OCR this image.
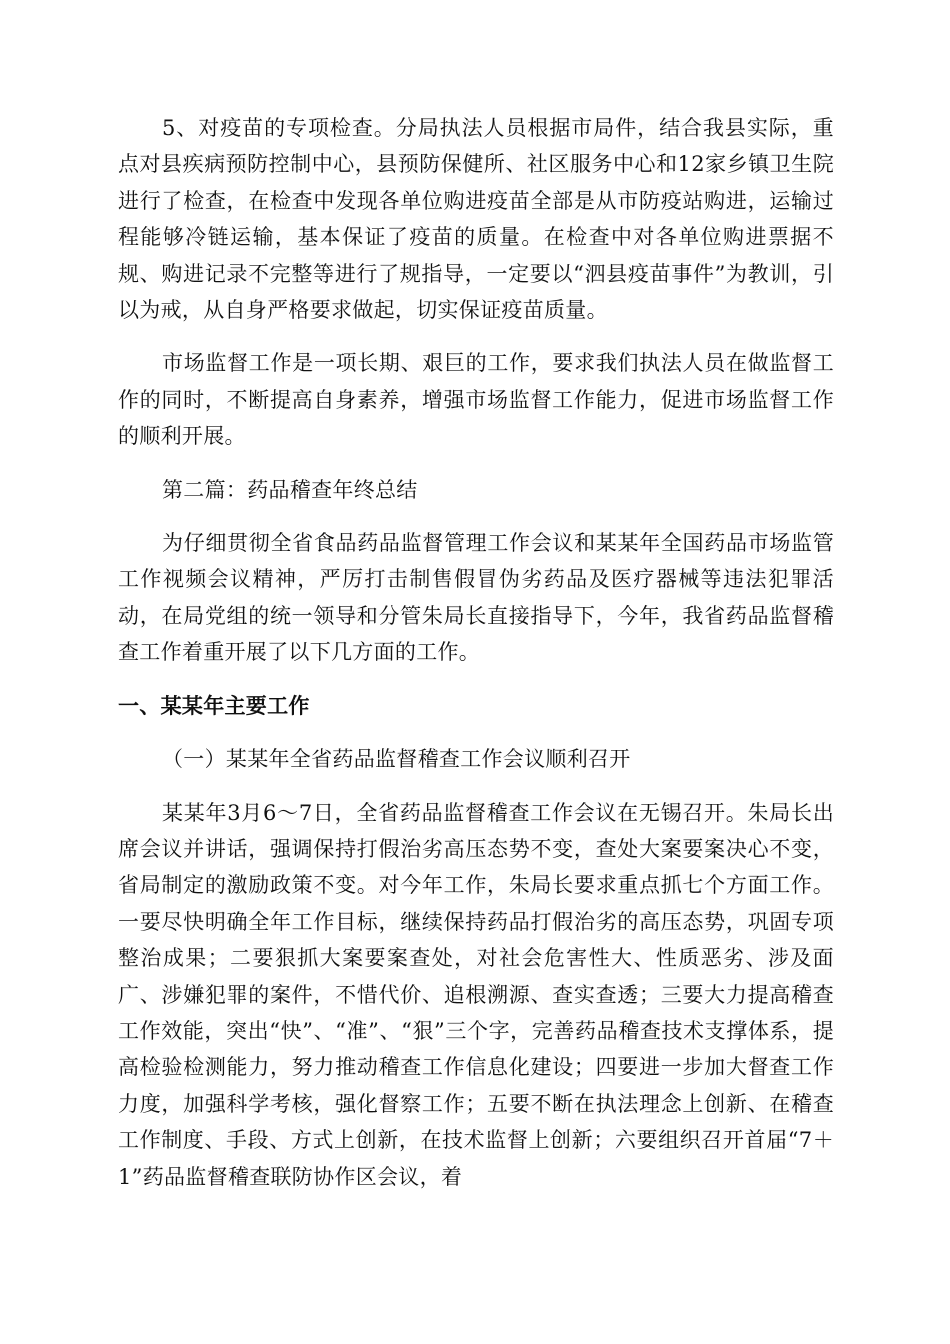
5、对疫苗的专项检查。分局执法人员根据市局件，结合我县实际，重点对县疾病预防控制中心，县预防保健所、社区服务中心和12家乡镇卫生院进行了检查，在检查中发现各单位购进疫苗全部是从市防疫站购进，运输过程能够冷链运输，基本保证了疫苗的质量。在检查中对各单位购进票据不规、购进记录不完整等进行了规指导，一定要以“泗县疫苗事件”为教训，引以为戒，从自身严格要求做起，切实保证疫苗质量。

市场监督工作是一项长期、艰巨的工作，要求我们执法人员在做监督工作的同时，不断提高自身素养，增强市场监督工作能力，促进市场监督工作的顺利开展。

第二篇：药品稽查年终总结

为仔细贯彻全省食品药品监督管理工作会议和某某年全国药品市场监管工作视频会议精神，严厉打击制售假冒伪劣药品及医疗器械等违法犯罪活动，在局党组的统一领导和分管朱局长直接指导下，今年，我省药品监督稽查工作着重开展了以下几方面的工作。

一、某某年主要工作

（一）某某年全省药品监督稽查工作会议顺利召开

某某年3月6～7日，全省药品监督稽查工作会议在无锡召开。朱局长出席会议并讲话，强调保持打假治劣高压态势不变，查处大案要案决心不变，省局制定的激励政策不变。对今年工作，朱局长要求重点抓七个方面工作。一要尽快明确全年工作目标，继续保持药品打假治劣的高压态势，巩固专项整治成果；二要狠抓大案要案查处，对社会危害性大、性质恶劣、涉及面广、涉嫌犯罪的案件，不惜代价、追根溯源、查实查透；三要大力提高稽查工作效能，突出“快”、“准”、“狠”三个字，完善药品稽查技术支撑体系，提高检验检测能力，努力推动稽查工作信息化建设；四要进一步加大督查工作力度，加强科学考核，强化督察工作；五要不断在执法理念上创新、在稽查工作制度、手段、方式上创新，在技术监督上创新；六要组织召开首届“7＋1”药品监督稽查联防协作区会议，着
